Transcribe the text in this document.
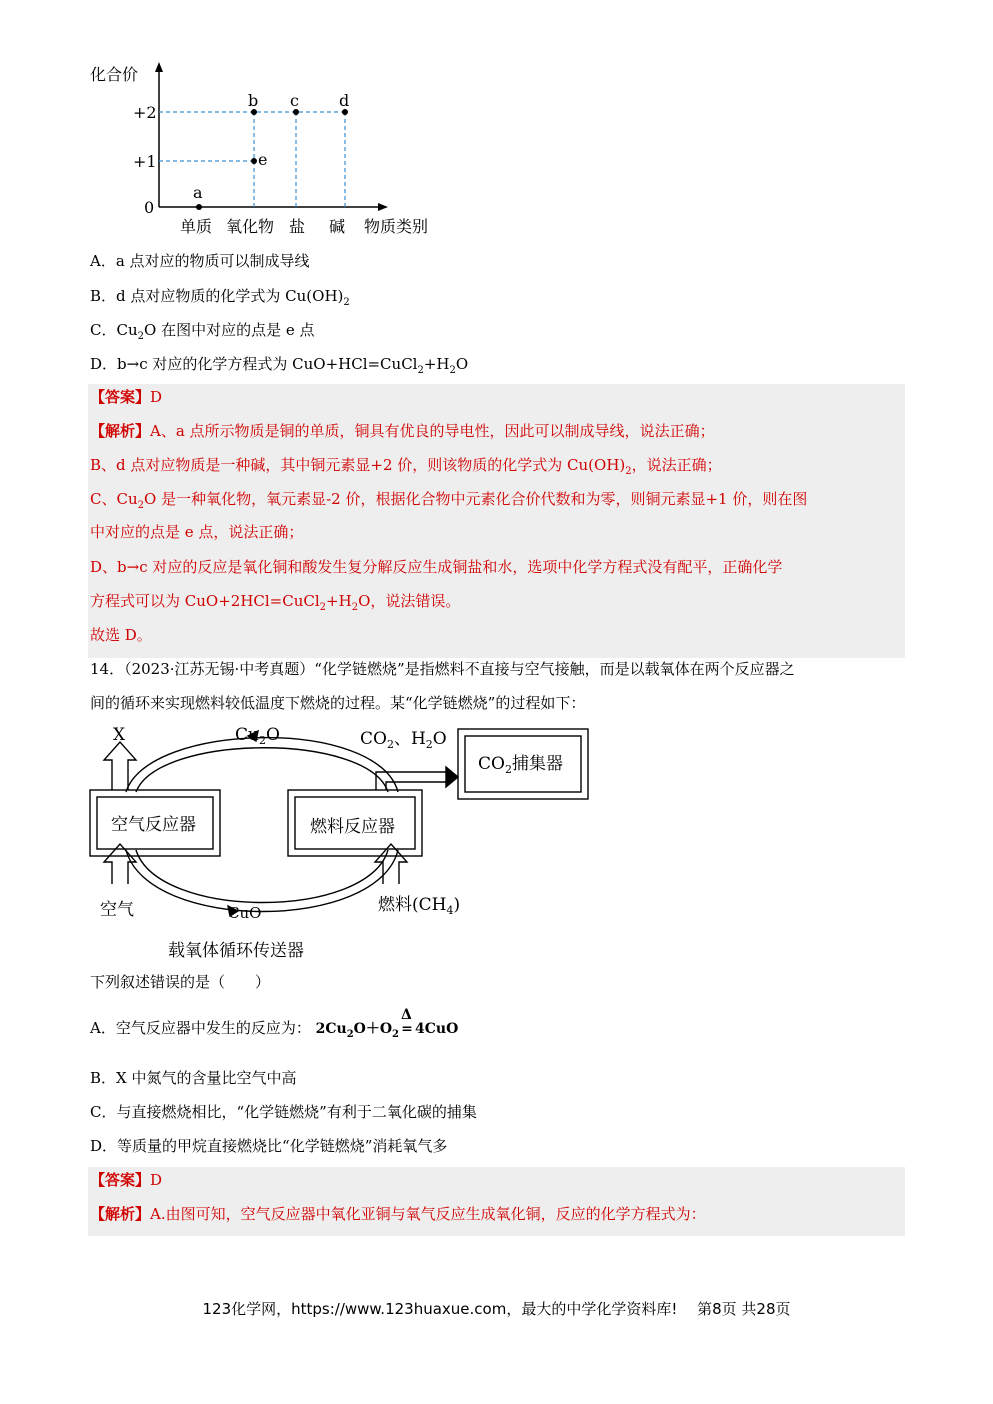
化合价
+2
+1
0
a
b c	d
e
单质 氧化物 盐 碱 物质类别
A．a 点对应的物质可以制成导线
B．d 点对应物质的化学式为 $Cu(OH)_2$
C．$Cu_2O$ 在图中对应的点是 e 点
D．b→c 对应的化学方程式为 $CuO+HCl=CuCl_2+H_2O$
【答案】D
【解析】A、a 点所示物质是铜的单质，铜具有优良的导电性，因此可以制成导线，说法正确；
B、d 点对应物质是一种碱，其中铜元素显+2 价，则该物质的化学式为 $Cu(OH)_2$，说法正确；
C、$Cu_2O$ 是一种氧化物，氧元素显-2 价，根据化合物中元素化合价代数和为零，则铜元素显+1 价，则在图
中对应的点是 e 点，说法正确；
D、b→c 对应的反应是氧化铜和酸发生复分解反应生成铜盐和水，选项中化学方程式没有配平，正确化学
方程式可以为 $CuO+2HCl=CuCl_2+H_2O$，说法错误。
故选 D。
14．（2023·江苏无锡·中考真题）“化学链燃烧”是指燃料不直接与空气接触，而是以载氧体在两个反应器之
间的循环来实现燃料较低温度下燃烧的过程。某“化学链燃烧”的过程如下：
X	$Cu_2O$	$CO_2$、$H_2O$
$CO_2$捕集器
空气反应器	燃料反应器
空气	CuO	燃料$(CH_4)$
载氧体循环传送器
下列叙述错误的是（　　）
A．空气反应器中发生的反应为： $2Cu_2O+O_2$
Δ
= 4CuO
B．X 中氮气的含量比空气中高
C．与直接燃烧相比，“化学链燃烧”有利于二氧化碳的捕集
D．等质量的甲烷直接燃烧比“化学链燃烧”消耗氧气多
【答案】D
【解析】A.由图可知，空气反应器中氧化亚铜与氧气反应生成氧化铜，反应的化学方程式为：
123化学网，https://www.123huaxue.com，最大的中学化学资料库!　 第8页 共28页
